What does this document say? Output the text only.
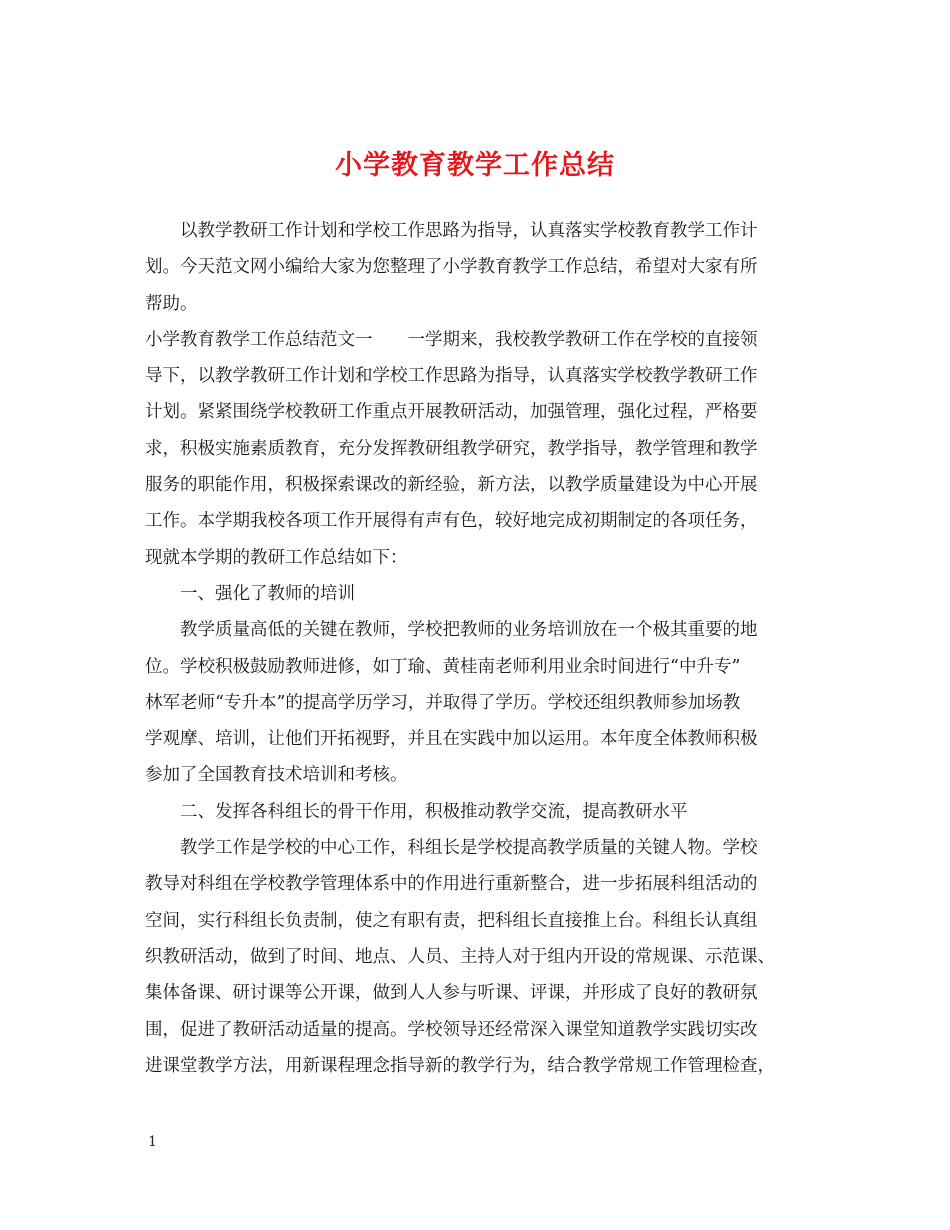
小学教育教学工作总结
　　以教学教研工作计划和学校工作思路为指导，认真落实学校教育教学工作计
划。今天范文网小编给大家为您整理了小学教育教学工作总结，希望对大家有所
帮助。
小学教育教学工作总结范文一　　一学期来，我校教学教研工作在学校的直接领
导下，以教学教研工作计划和学校工作思路为指导，认真落实学校教学教研工作
计划。紧紧围绕学校教研工作重点开展教研活动，加强管理，强化过程，严格要
求，积极实施素质教育，充分发挥教研组教学研究，教学指导，教学管理和教学
服务的职能作用，积极探索课改的新经验，新方法，以教学质量建设为中心开展
工作。本学期我校各项工作开展得有声有色，较好地完成初期制定的各项任务，
现就本学期的教研工作总结如下：
　　一、强化了教师的培训
　　教学质量高低的关键在教师，学校把教师的业务培训放在一个极其重要的地
位。学校积极鼓励教师进修，如丁瑜、黄桂南老师利用业余时间进行“中升专”
林军老师“专升本”的提高学历学习，并取得了学历。学校还组织教师参加场教
学观摩、培训，让他们开拓视野，并且在实践中加以运用。本年度全体教师积极
参加了全国教育技术培训和考核。
　　二、发挥各科组长的骨干作用，积极推动教学交流，提高教研水平
　　教学工作是学校的中心工作，科组长是学校提高教学质量的关键人物。学校
教导对科组在学校教学管理体系中的作用进行重新整合，进一步拓展科组活动的
空间，实行科组长负责制，使之有职有责，把科组长直接推上台。科组长认真组
织教研活动，做到了时间、地点、人员、主持人对于组内开设的常规课、示范课、
集体备课、研讨课等公开课，做到人人参与听课、评课，并形成了良好的教研氛
围，促进了教研活动适量的提高。学校领导还经常深入课堂知道教学实践切实改
进课堂教学方法，用新课程理念指导新的教学行为，结合教学常规工作管理检查，
1
